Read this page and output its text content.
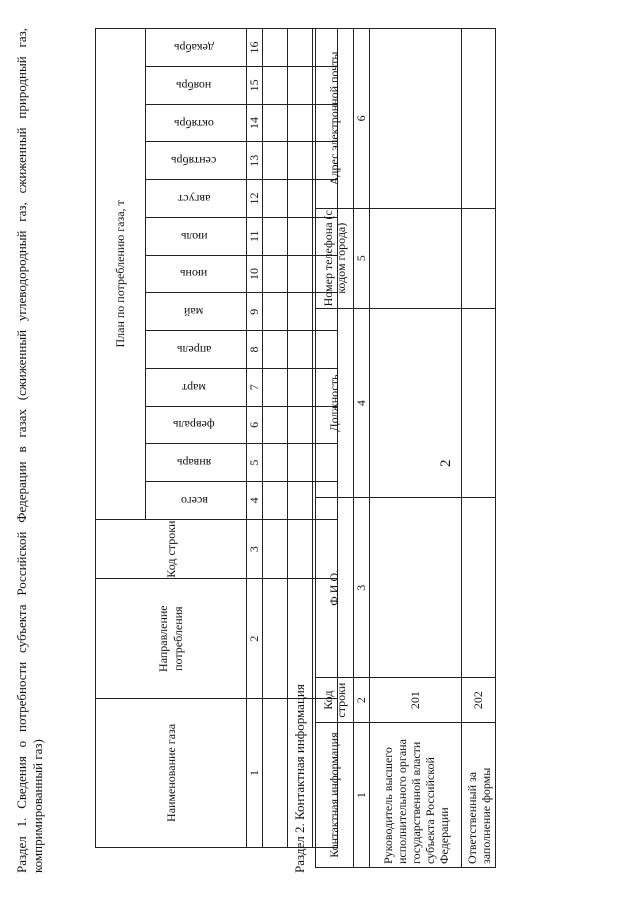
2
Раздел 1. Сведения о потребности субъекта Российской Федерации в газах (сжиженный углеводородный газ, сжиженный природный газ, компримированный газ)	Наименование газа	Направление потребления	Код строки	План по потреблению газа, т												
			всего	январь	февраль	март	апрель	май	июнь	июль	август	сентябрь	октябрь	ноябрь	декабрь
1	2	3	4	5	6	7	8	9	10	11	12	13	14	15	16

Раздел 2. Контактная информация Контактная информация	Код строки	Ф.И.О.	Должность	Номер телефона (с кодом города)	Адрес электронной почты
1	2	3	4	5	6
Руководитель высшего исполнительного органа государственной власти субъекта Российской Федерации	201				
Ответственный за заполнение формы	202				
